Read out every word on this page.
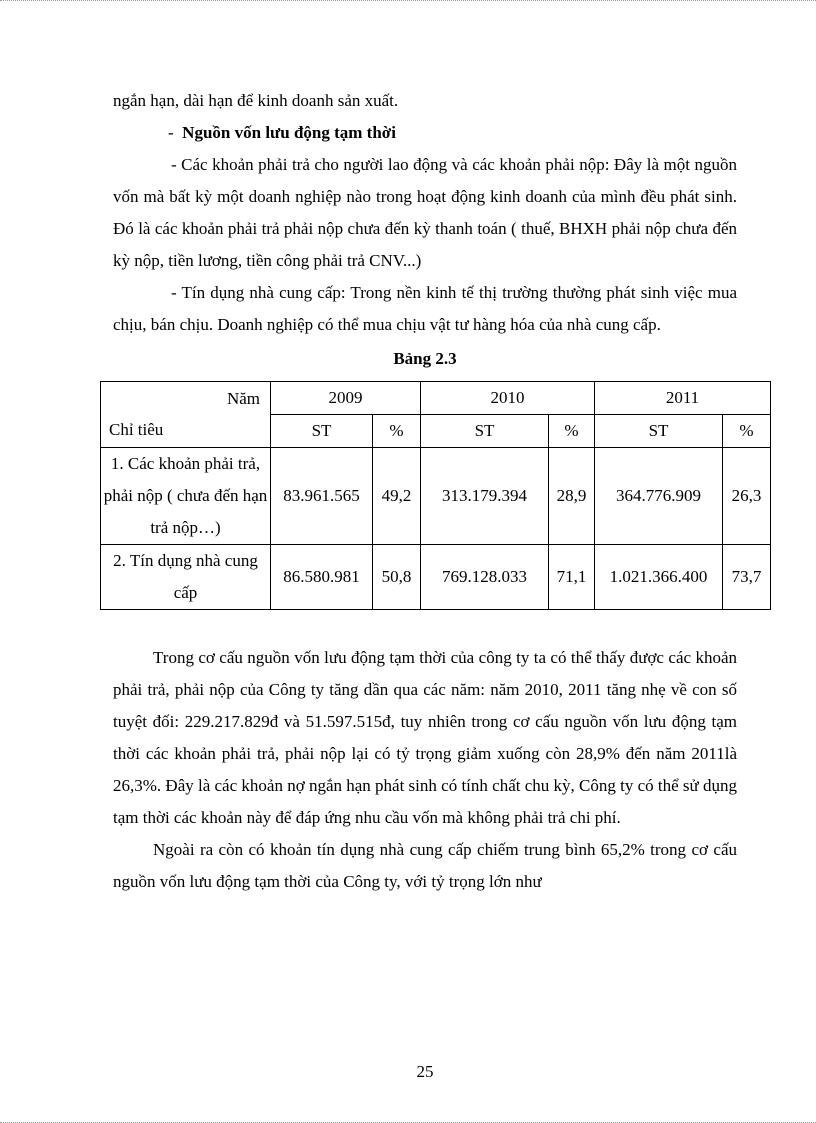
ngắn hạn, dài hạn để kinh doanh sản xuất.

- Nguồn vốn lưu động tạm thời

- Các khoản phải trả cho người lao động và các khoản phải nộp: Đây là một nguồn vốn mà bất kỳ một doanh nghiệp nào trong hoạt động kinh doanh của mình đều phát sinh. Đó là các khoản phải trả phải nộp chưa đến kỳ thanh toán ( thuế, BHXH phải nộp chưa đến kỳ nộp, tiền lương, tiền công phải trả CNV...)

- Tín dụng nhà cung cấp: Trong nền kinh tế thị trường thường phát sinh việc mua chịu, bán chịu. Doanh nghiệp có thể mua chịu vật tư hàng hóa của nhà cung cấp.

Bảng 2.3

Năm
Chỉ tiêu	2009		2010		2011	
	ST	%	ST	%	ST	%
1. Các khoản phải trả, phải nộp ( chưa đến hạn trả nộp…)	83.961.565	49,2	313.179.394	28,9	364.776.909	26,3
2. Tín dụng nhà cung cấp	86.580.981	50,8	769.128.033	71,1	1.021.366.400	73,7

Trong cơ cấu nguồn vốn lưu động tạm thời của công ty ta có thể thấy được các khoản phải trả, phải nộp của Công ty tăng dần qua các năm: năm 2010, 2011 tăng nhẹ về con số tuyệt đối: 229.217.829đ và 51.597.515đ, tuy nhiên trong cơ cấu nguồn vốn lưu động tạm thời các khoản phải trả, phải nộp lại có tỷ trọng giảm xuống còn 28,9% đến năm 2011là 26,3%. Đây là các khoản nợ ngắn hạn phát sinh có tính chất chu kỳ, Công ty có thể sử dụng tạm thời các khoản này để đáp ứng nhu cầu vốn mà không phải trả chi phí.

Ngoài ra còn có khoản tín dụng nhà cung cấp chiếm trung bình 65,2% trong cơ cấu nguồn vốn lưu động tạm thời của Công ty, với tỷ trọng lớn như

25
